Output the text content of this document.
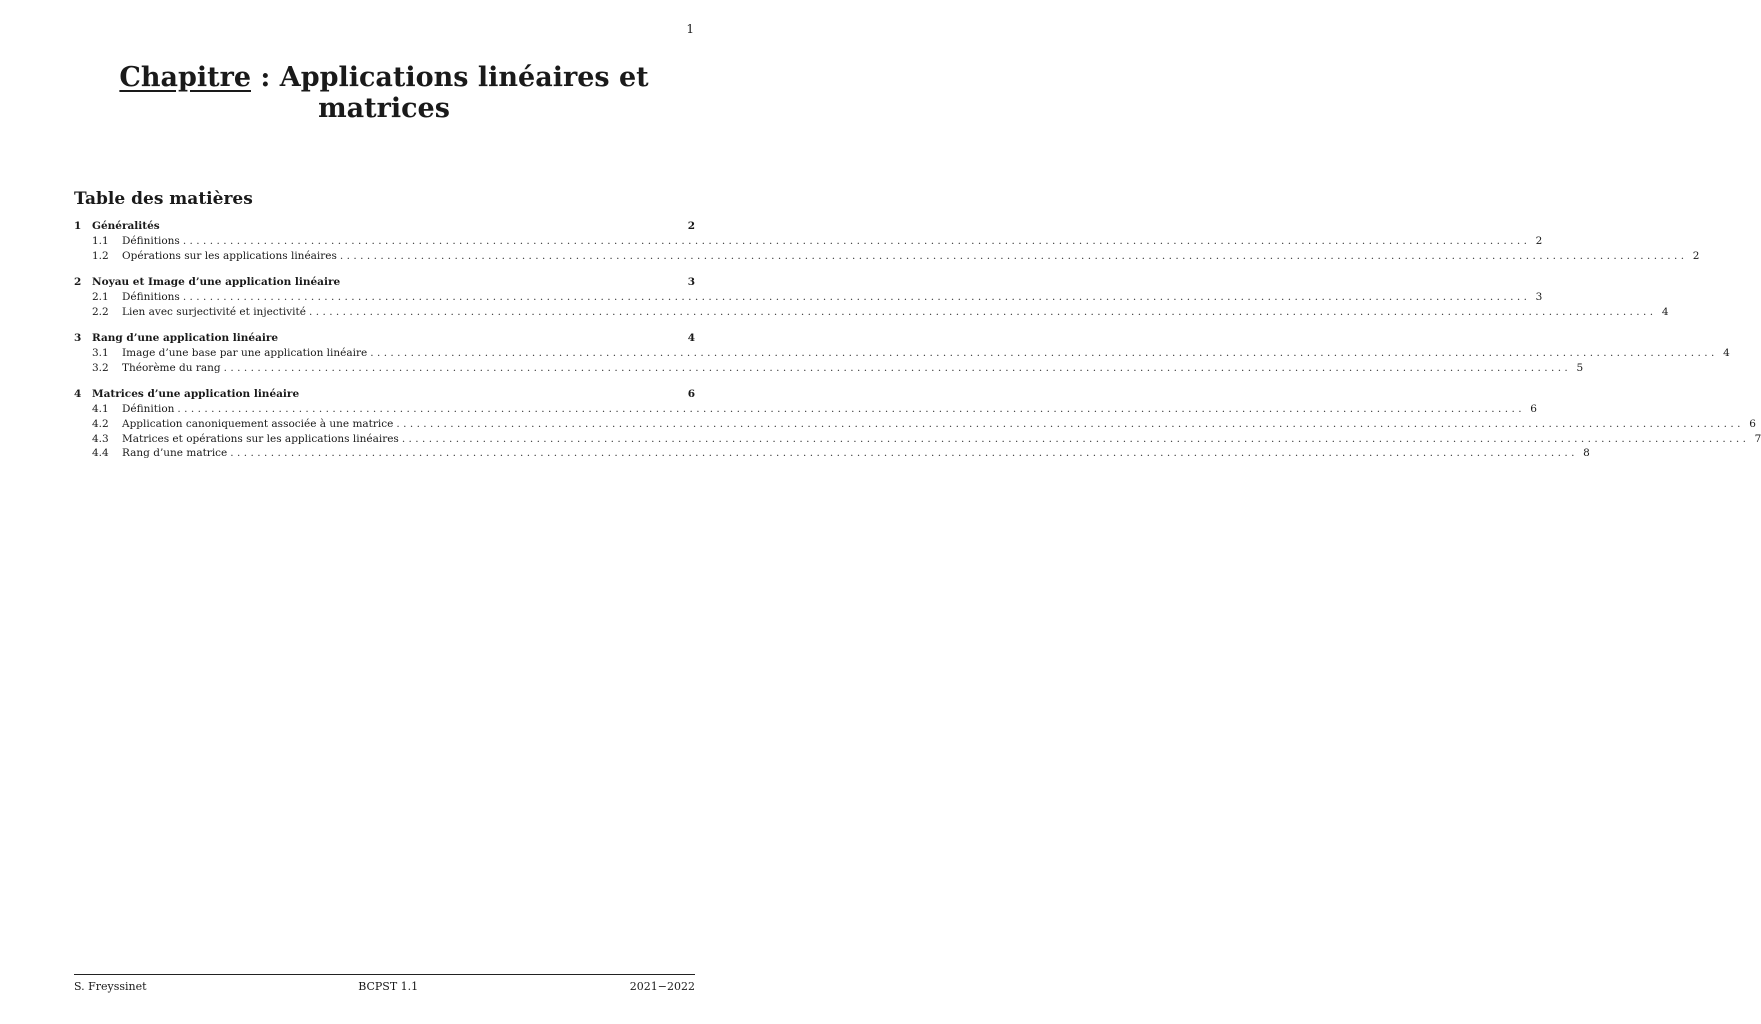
1
Chapitre : Applications linéaires et matrices
Table des matières
1	Généralités	2
1.1	Définitions ........................................................................................................................................................................................................ 2
1.2	Opérations sur les applications linéaires ........................................................................................................................................................................................................ 2
2	Noyau et Image d’une application linéaire	3
2.1	Définitions ........................................................................................................................................................................................................ 3
2.2	Lien avec surjectivité et injectivité ........................................................................................................................................................................................................ 4
3	Rang d’une application linéaire	4
3.1	Image d’une base par une application linéaire ........................................................................................................................................................................................................ 4
3.2	Théorème du rang ........................................................................................................................................................................................................ 5
4	Matrices d’une application linéaire	6
4.1	Définition ........................................................................................................................................................................................................ 6
4.2	Application canoniquement associée à une matrice ........................................................................................................................................................................................................ 6
4.3	Matrices et opérations sur les applications linéaires ........................................................................................................................................................................................................ 7
4.4	Rang d’une matrice ........................................................................................................................................................................................................ 8
S. Freyssinet	BCPST 1.1	2021−2022
